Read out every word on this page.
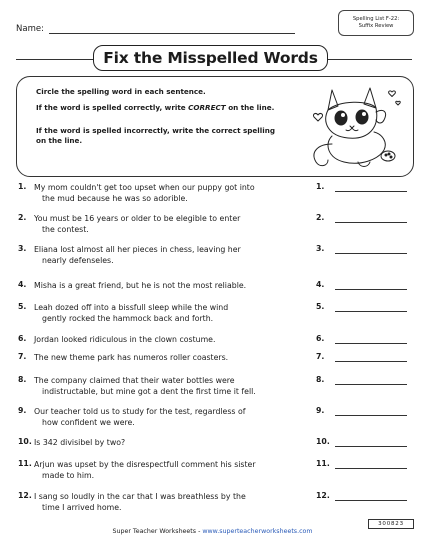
Name:
Spelling List F-22:
Suffix Review
Fix the Misspelled Words
Circle the spelling word in each sentence.
If the word is spelled correctly, write CORRECT on the line.
If the word is spelled incorrectly, write the correct spelling on the line.
1. My mom couldn't get too upset when our puppy got into
the mud because he was so adorible.
1.
2. You must be 16 years or older to be elegible to enter
the contest.
2.
3. Eliana lost almost all her pieces in chess, leaving her
nearly defenseles.
3.
4. Misha is a great friend, but he is not the most reliable.	4.
5. Leah dozed off into a bissfull sleep while the wind
gently rocked the hammock back and forth.
5.
6. Jordan looked ridiculous in the clown costume.	6.
7. The new theme park has numeros roller coasters.	7.
8. The company claimed that their water bottles were
indistructable, but mine got a dent the first time it fell.
8.
9. Our teacher told us to study for the test, regardless of
how confident we were.
9.
10. Is 342 divisibel by two?	10.
11. Arjun was upset by the disrespectfull comment his sister
made to him.
11.
12. I sang so loudly in the car that I was breathless by the
time I arrived home.
12.
Super Teacher Worksheets - www.superteacherworksheets.com
300823
